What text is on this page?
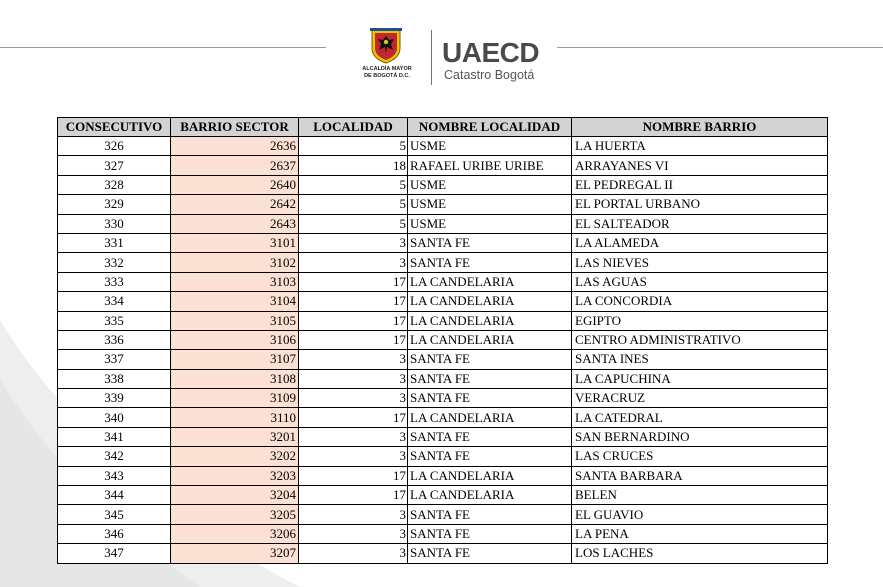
ALCALDÍA MAYOR
DE BOGOTÁ D.C.
UAECD
Catastro Bogotá
CONSECUTIVO	BARRIO SECTOR	LOCALIDAD	NOMBRE LOCALIDAD	NOMBRE BARRIO
326	2636	5	USME	LA HUERTA
327	2637	18	RAFAEL URIBE URIBE	ARRAYANES VI
328	2640	5	USME	EL PEDREGAL II
329	2642	5	USME	EL PORTAL URBANO
330	2643	5	USME	EL SALTEADOR
331	3101	3	SANTA FE	LA ALAMEDA
332	3102	3	SANTA FE	LAS NIEVES
333	3103	17	LA CANDELARIA	LAS AGUAS
334	3104	17	LA CANDELARIA	LA CONCORDIA
335	3105	17	LA CANDELARIA	EGIPTO
336	3106	17	LA CANDELARIA	CENTRO ADMINISTRATIVO
337	3107	3	SANTA FE	SANTA INES
338	3108	3	SANTA FE	LA CAPUCHINA
339	3109	3	SANTA FE	VERACRUZ
340	3110	17	LA CANDELARIA	LA CATEDRAL
341	3201	3	SANTA FE	SAN BERNARDINO
342	3202	3	SANTA FE	LAS CRUCES
343	3203	17	LA CANDELARIA	SANTA BARBARA
344	3204	17	LA CANDELARIA	BELEN
345	3205	3	SANTA FE	EL GUAVIO
346	3206	3	SANTA FE	LA PENA
347	3207	3	SANTA FE	LOS LACHES
